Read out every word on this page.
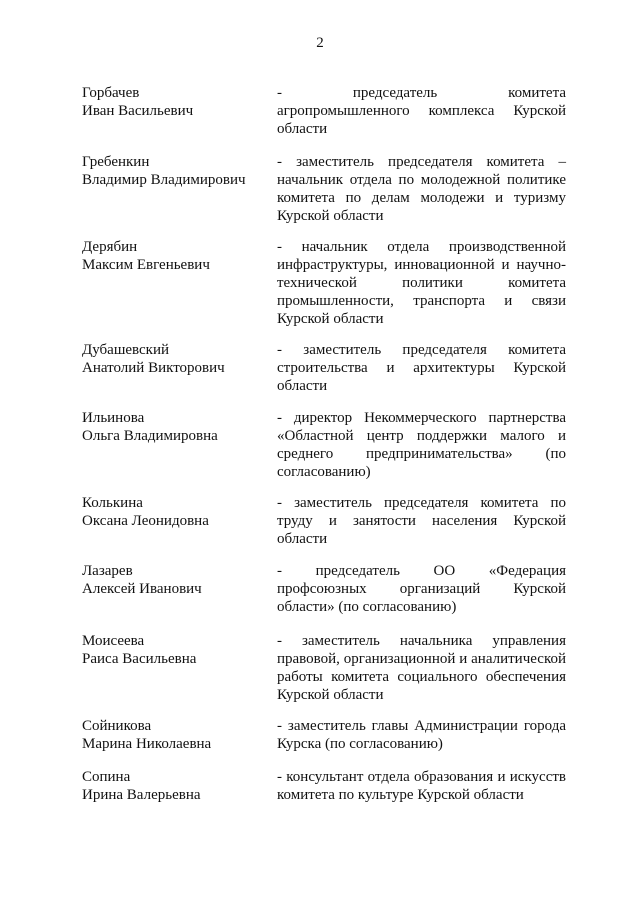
2
Горбачев
Иван Васильевич
- председатель комитета
агропромышленного комплекса Курской
области
Гребенкин
Владимир Владимирович
- заместитель председателя комитета –
начальник отдела по молодежной политике
комитета по делам молодежи и туризму
Курской области
Дерябин
Максим Евгеньевич
- начальник отдела производственной
инфраструктуры, инновационной и научно-
технической политики комитета
промышленности, транспорта и связи
Курской области
Дубашевский
Анатолий Викторович
- заместитель председателя комитета
строительства и архитектуры Курской
области
Ильинова
Ольга Владимировна
- директор Некоммерческого партнерства
«Областной центр поддержки малого и
среднего предпринимательства» (по
согласованию)
Колькина
Оксана Леонидовна
- заместитель председателя комитета по
труду и занятости населения Курской
области
Лазарев
Алексей Иванович
- председатель ОО «Федерация
профсоюзных организаций Курской
области» (по согласованию)
Моисеева
Раиса Васильевна
- заместитель начальника управления
правовой, организационной и аналитической
работы комитета социального обеспечения
Курской области
Сойникова
Марина Николаевна
- заместитель главы Администрации города
Курска (по согласованию)
Сопина
Ирина Валерьевна
- консультант отдела образования и искусств
комитета по культуре Курской области
